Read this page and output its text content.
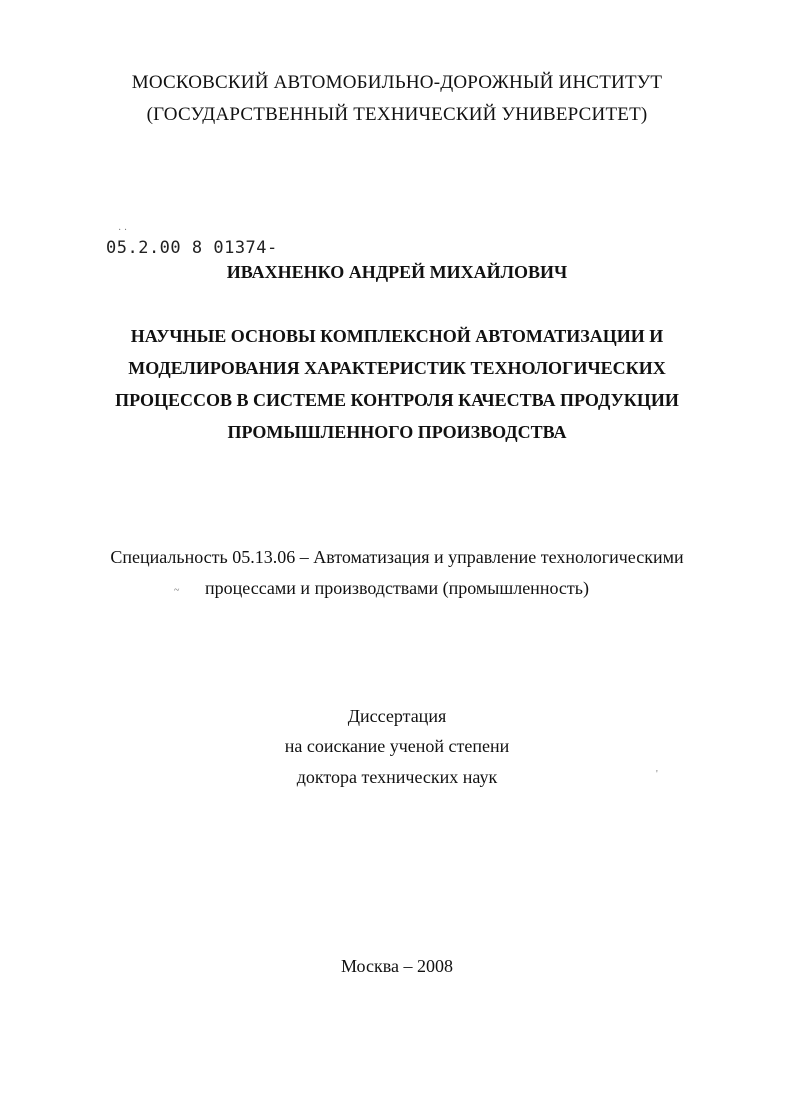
МОСКОВСКИЙ АВТОМОБИЛЬНО-ДОРОЖНЫЙ ИНСТИТУТ
(ГОСУДАРСТВЕННЫЙ ТЕХНИЧЕСКИЙ УНИВЕРСИТЕТ)
05.2.00 8 01374-
· ·
ИВАХНЕНКО АНДРЕЙ МИХАЙЛОВИЧ
НАУЧНЫЕ ОСНОВЫ КОМПЛЕКСНОЙ АВТОМАТИЗАЦИИ И
МОДЕЛИРОВАНИЯ ХАРАКТЕРИСТИК ТЕХНОЛОГИЧЕСКИХ
ПРОЦЕССОВ В СИСТЕМЕ КОНТРОЛЯ КАЧЕСТВА ПРОДУКЦИИ
ПРОМЫШЛЕННОГО ПРОИЗВОДСТВА
Специальность 05.13.06 – Автоматизация и управление технологическими
процессами и производствами (промышленность)
~
Диссертация
на соискание ученой степени
доктора технических наук	'
Москва – 2008
